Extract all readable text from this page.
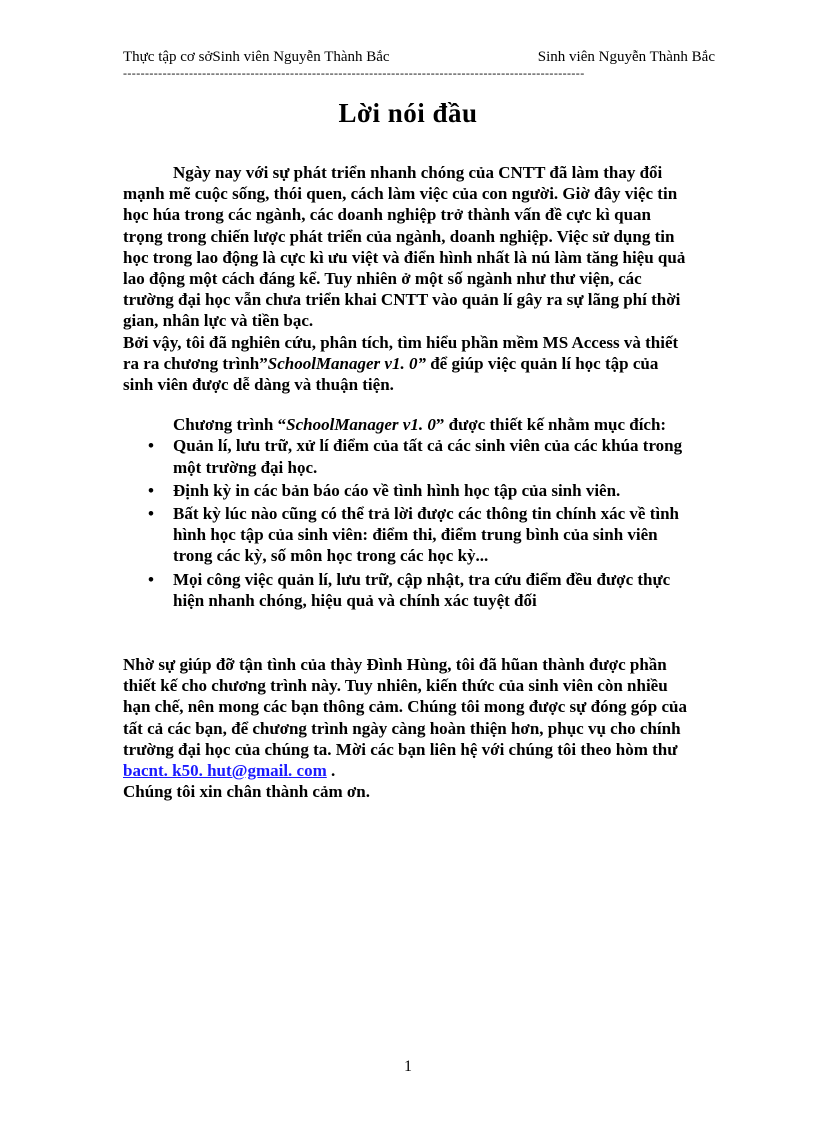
Thực tập cơ sởSinh viên Nguyễn Thành Bắc	Sinh viên Nguyễn Thành Bắc
---------------------------------------------------------------------------------------------------------
Lời nói đầu

Ngày nay với sự phát triển nhanh chóng của CNTT đã làm thay đổi mạnh mẽ cuộc sống, thói quen, cách làm việc của con người. Giờ đây việc tin học húa trong các ngành, các doanh nghiệp trở thành vấn đề cực kì quan trọng trong chiến lược phát triển của ngành, doanh nghiệp. Việc sử dụng tin học trong lao động là cực kì ưu việt và điển hình nhất là nú làm tăng hiệu quả lao động một cách đáng kể. Tuy nhiên ở một số ngành như thư viện, các trường đại học vẫn chưa triển khai CNTT vào quản lí gây ra sự lãng phí thời gian, nhân lực và tiền bạc.

Bởi vậy, tôi đã nghiên cứu, phân tích, tìm hiểu phần mềm MS Access và thiết ra ra chương trình”SchoolManager v1. 0” để giúp việc quản lí học tập của sinh viên được dễ dàng và thuận tiện.

Chương trình “SchoolManager v1. 0” được thiết kế nhằm mục đích:

• Quản lí, lưu trữ, xử lí điểm của tất cả các sinh viên của các khúa trong một trường đại học.
• Định kỳ in các bản báo cáo về tình hình học tập của sinh viên.
• Bất kỳ lúc nào cũng có thể trả lời được các thông tin chính xác về tình hình học tập của sinh viên: điểm thi, điểm trung bình của sinh viên trong các kỳ, số môn học trong các học kỳ...
• Mọi công việc quản lí, lưu trữ, cập nhật, tra cứu điểm đều được thực hiện nhanh chóng, hiệu quả và chính xác tuyệt đối

Nhờ sự giúp đỡ tận tình của thày Đình Hùng, tôi đã hũan thành được phần thiết kế cho chương trình này. Tuy nhiên, kiến thức của sinh viên còn nhiều hạn chế, nên mong các bạn thông cảm. Chúng tôi mong được sự đóng góp của tất cả các bạn, để chương trình ngày càng hoàn thiện hơn, phục vụ cho chính trường đại học của chúng ta. Mời các bạn liên hệ với chúng tôi theo hòm thư bacnt. k50. hut@gmail. com .

Chúng tôi xin chân thành cảm ơn.

1
